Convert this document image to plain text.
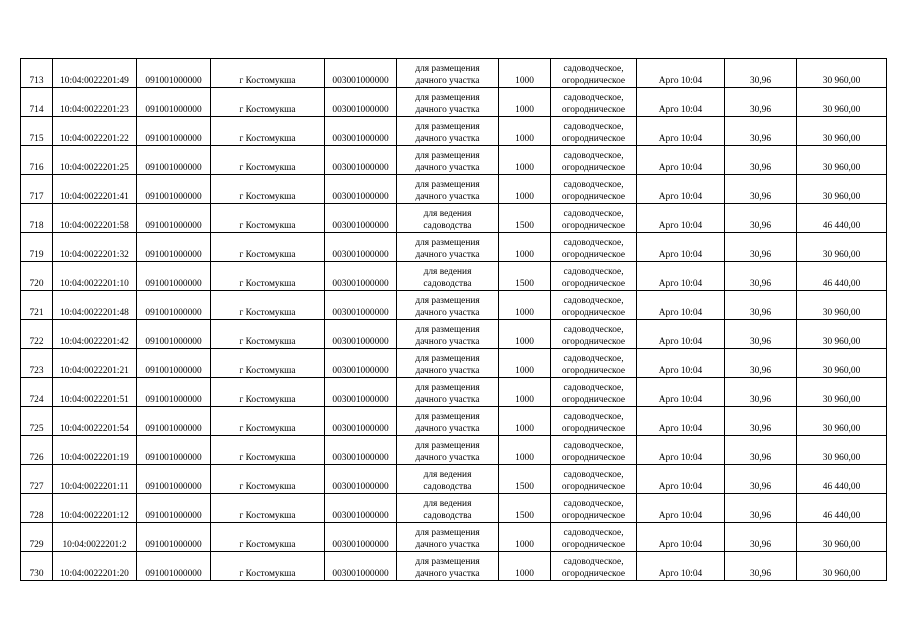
713	10:04:0022201:49	091001000000	г Костомукша	003001000000	для размещения
дачного участка	1000	садоводческое,
огородническое	Арго 10:04	30,96	30 960,00
714	10:04:0022201:23	091001000000	г Костомукша	003001000000	для размещения
дачного участка	1000	садоводческое,
огородническое	Арго 10:04	30,96	30 960,00
715	10:04:0022201:22	091001000000	г Костомукша	003001000000	для размещения
дачного участка	1000	садоводческое,
огородническое	Арго 10:04	30,96	30 960,00
716	10:04:0022201:25	091001000000	г Костомукша	003001000000	для размещения
дачного участка	1000	садоводческое,
огородническое	Арго 10:04	30,96	30 960,00
717	10:04:0022201:41	091001000000	г Костомукша	003001000000	для размещения
дачного участка	1000	садоводческое,
огородническое	Арго 10:04	30,96	30 960,00
718	10:04:0022201:58	091001000000	г Костомукша	003001000000	для ведения
садоводства	1500	садоводческое,
огородническое	Арго 10:04	30,96	46 440,00
719	10:04:0022201:32	091001000000	г Костомукша	003001000000	для размещения
дачного участка	1000	садоводческое,
огородническое	Арго 10:04	30,96	30 960,00
720	10:04:0022201:10	091001000000	г Костомукша	003001000000	для ведения
садоводства	1500	садоводческое,
огородническое	Арго 10:04	30,96	46 440,00
721	10:04:0022201:48	091001000000	г Костомукша	003001000000	для размещения
дачного участка	1000	садоводческое,
огородническое	Арго 10:04	30,96	30 960,00
722	10:04:0022201:42	091001000000	г Костомукша	003001000000	для размещения
дачного участка	1000	садоводческое,
огородническое	Арго 10:04	30,96	30 960,00
723	10:04:0022201:21	091001000000	г Костомукша	003001000000	для размещения
дачного участка	1000	садоводческое,
огородническое	Арго 10:04	30,96	30 960,00
724	10:04:0022201:51	091001000000	г Костомукша	003001000000	для размещения
дачного участка	1000	садоводческое,
огородническое	Арго 10:04	30,96	30 960,00
725	10:04:0022201:54	091001000000	г Костомукша	003001000000	для размещения
дачного участка	1000	садоводческое,
огородническое	Арго 10:04	30,96	30 960,00
726	10:04:0022201:19	091001000000	г Костомукша	003001000000	для размещения
дачного участка	1000	садоводческое,
огородническое	Арго 10:04	30,96	30 960,00
727	10:04:0022201:11	091001000000	г Костомукша	003001000000	для ведения
садоводства	1500	садоводческое,
огородническое	Арго 10:04	30,96	46 440,00
728	10:04:0022201:12	091001000000	г Костомукша	003001000000	для ведения
садоводства	1500	садоводческое,
огородническое	Арго 10:04	30,96	46 440,00
729	10:04:0022201:2	091001000000	г Костомукша	003001000000	для размещения
дачного участка	1000	садоводческое,
огородническое	Арго 10:04	30,96	30 960,00
730	10:04:0022201:20	091001000000	г Костомукша	003001000000	для размещения
дачного участка	1000	садоводческое,
огородническое	Арго 10:04	30,96	30 960,00
